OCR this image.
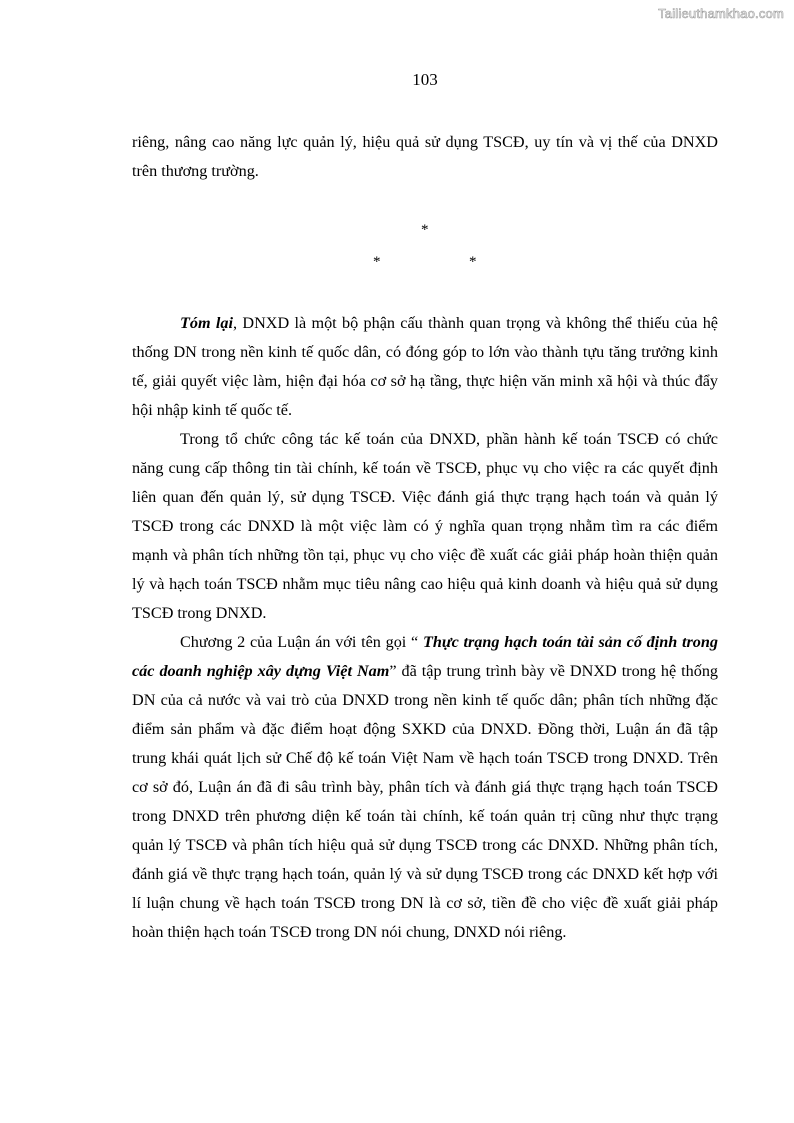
Tailieuthamkhao.com
103

riêng, nâng cao năng lực quản lý, hiệu quả sử dụng TSCĐ, uy tín và vị thế của DNXD trên thương trường.

*
*	*

Tóm lại, DNXD là một bộ phận cấu thành quan trọng và không thể thiếu của hệ thống DN trong nền kinh tế quốc dân, có đóng góp to lớn vào thành tựu tăng trưởng kinh tế, giải quyết việc làm, hiện đại hóa cơ sở hạ tầng, thực hiện văn minh xã hội và thúc đẩy hội nhập kinh tế quốc tế.

Trong tổ chức công tác kế toán của DNXD, phần hành kế toán TSCĐ có chức năng cung cấp thông tin tài chính, kế toán về TSCĐ, phục vụ cho việc ra các quyết định liên quan đến quản lý, sử dụng TSCĐ. Việc đánh giá thực trạng hạch toán và quản lý TSCĐ trong các DNXD là một việc làm có ý nghĩa quan trọng nhằm tìm ra các điểm mạnh và phân tích những tồn tại, phục vụ cho việc đề xuất các giải pháp hoàn thiện quản lý và hạch toán TSCĐ nhằm mục tiêu nâng cao hiệu quả kinh doanh và hiệu quả sử dụng TSCĐ trong DNXD.

Chương 2 của Luận án với tên gọi “ Thực trạng hạch toán tài sản cố định trong các doanh nghiệp xây dựng Việt Nam” đã tập trung trình bày về DNXD trong hệ thống DN của cả nước và vai trò của DNXD trong nền kinh tế quốc dân; phân tích những đặc điểm sản phẩm và đặc điểm hoạt động SXKD của DNXD. Đồng thời, Luận án đã tập trung khái quát lịch sử Chế độ kế toán Việt Nam về hạch toán TSCĐ trong DNXD. Trên cơ sở đó, Luận án đã đi sâu trình bày, phân tích và đánh giá thực trạng hạch toán TSCĐ trong DNXD trên phương diện kế toán tài chính, kế toán quản trị cũng như thực trạng quản lý TSCĐ và phân tích hiệu quả sử dụng TSCĐ trong các DNXD. Những phân tích, đánh giá về thực trạng hạch toán, quản lý và sử dụng TSCĐ trong các DNXD kết hợp với lí luận chung về hạch toán TSCĐ trong DN là cơ sở, tiền đề cho việc đề xuất giải pháp hoàn thiện hạch toán TSCĐ trong DN nói chung, DNXD nói riêng.
